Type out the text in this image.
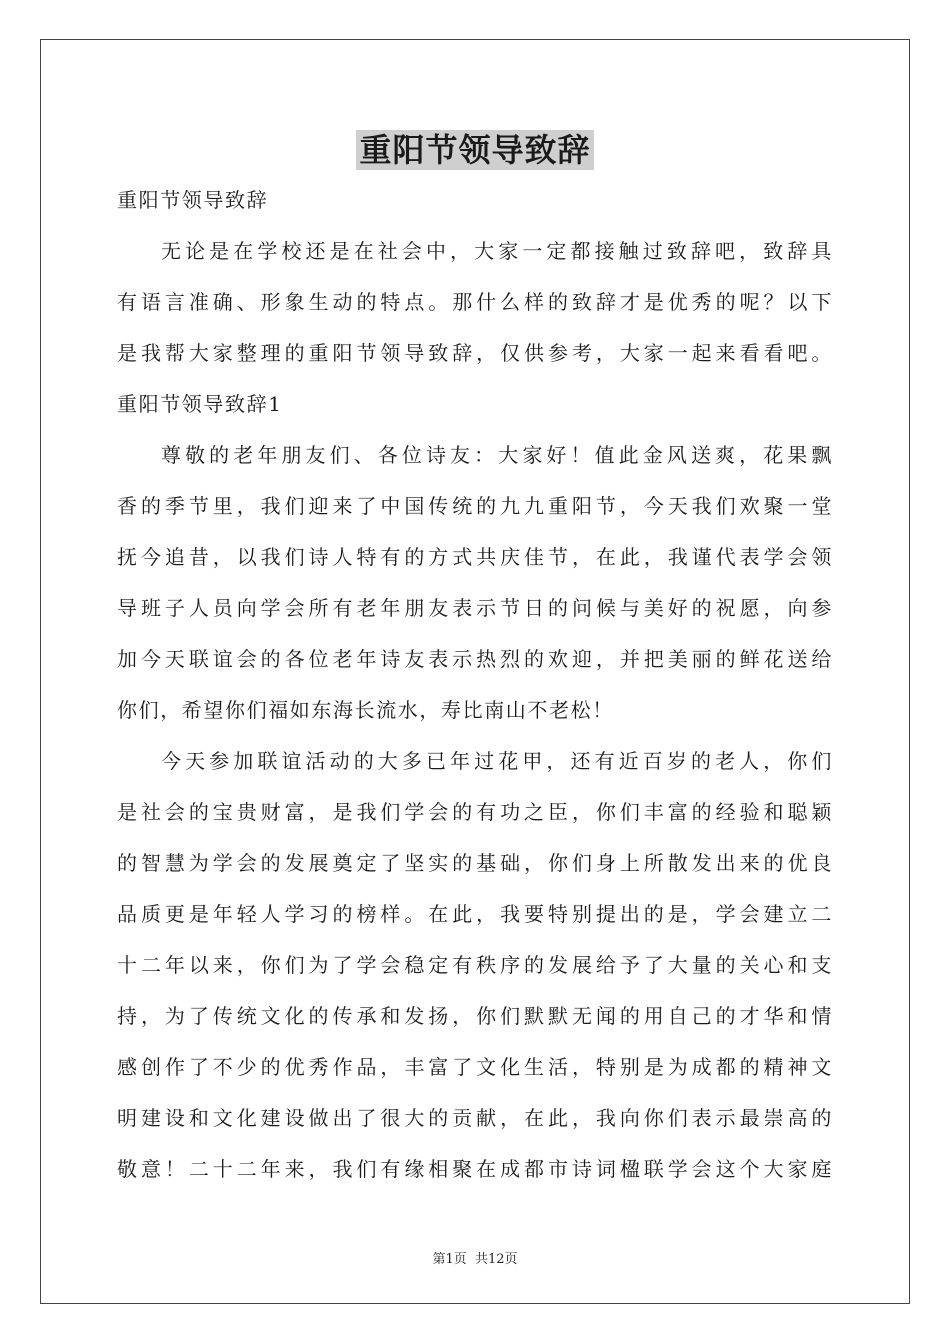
重阳节领导致辞
重阳节领导致辞
无论是在学校还是在社会中，大家一定都接触过致辞吧，致辞具
有语言准确、形象生动的特点。那什么样的致辞才是优秀的呢？以下
是我帮大家整理的重阳节领导致辞，仅供参考，大家一起来看看吧。
重阳节领导致辞1
尊敬的老年朋友们、各位诗友：大家好！值此金风送爽，花果飘
香的季节里，我们迎来了中国传统的九九重阳节，今天我们欢聚一堂
抚今追昔，以我们诗人特有的方式共庆佳节，在此，我谨代表学会领
导班子人员向学会所有老年朋友表示节日的问候与美好的祝愿，向参
加今天联谊会的各位老年诗友表示热烈的欢迎，并把美丽的鲜花送给
你们，希望你们福如东海长流水，寿比南山不老松！
今天参加联谊活动的大多已年过花甲，还有近百岁的老人，你们
是社会的宝贵财富，是我们学会的有功之臣，你们丰富的经验和聪颖
的智慧为学会的发展奠定了坚实的基础，你们身上所散发出来的优良
品质更是年轻人学习的榜样。在此，我要特别提出的是，学会建立二
十二年以来，你们为了学会稳定有秩序的发展给予了大量的关心和支
持，为了传统文化的传承和发扬，你们默默无闻的用自己的才华和情
感创作了不少的优秀作品，丰富了文化生活，特别是为成都的精神文
明建设和文化建设做出了很大的贡献，在此，我向你们表示最崇高的
敬意！二十二年来，我们有缘相聚在成都市诗词楹联学会这个大家庭
第1页 共12页
